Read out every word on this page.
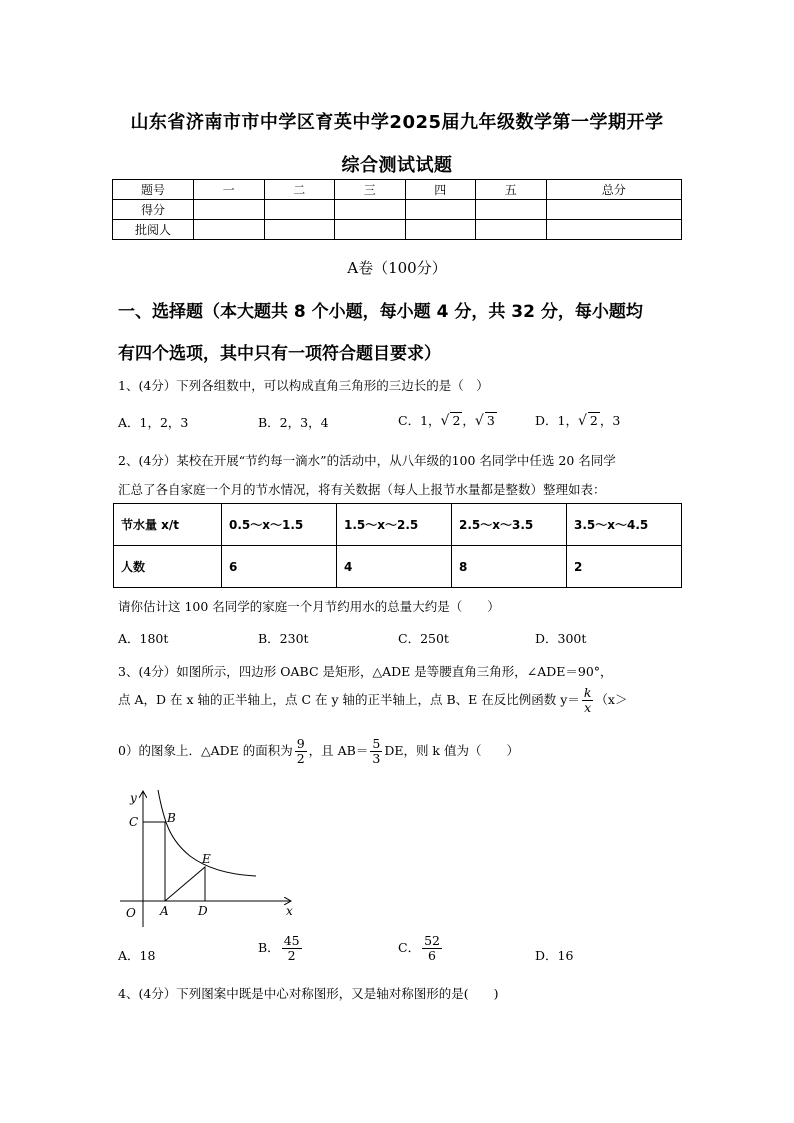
山东省济南市市中学区育英中学2025届九年级数学第一学期开学
综合测试试题
题号	一	二	三	四	五	总分
得分						
批阅人						
A卷（100分）
一、选择题（本大题共 8 个小题，每小题 4 分，共 32 分，每小题均
有四个选项，其中只有一项符合题目要求）
1、(4分）下列各组数中，可以构成直角三角形的三边长的是（　）
A．1，2，3	B．2，3，4	C．1，√ 2 ，√ 3	D．1，√ 2 ，3
2、(4分）某校在开展“节约每一滴水”的活动中，从八年级的100 名同学中任选 20 名同学
汇总了各自家庭一个月的节水情况，将有关数据（每人上报节水量都是整数）整理如表：
节水量 x/t	0.5～x～1.5	1.5～x～2.5	2.5～x～3.5	3.5～x～4.5
人数	6	4	8	2
请你估计这 100 名同学的家庭一个月节约用水的总量大约是（　　）
A．180t	B．230t	C．250t	D．300t
3、(4分）如图所示，四边形 OABC 是矩形，△ADE 是等腰直角三角形，∠ADE＝90°，
点 A，D 在 x 轴的正半轴上，点 C 在 y 轴的正半轴上，点 B、E 在反比例函数 $y= \frac{k}{x} (x>$
0）的图象上．△ADE 的面积为 $\frac{9}{2}$ ，且 $AB= \frac{5}{3}$ DE，则 k 值为（　　）
y
x
O A D
C B
E
A．18
B． $\frac{45}{2}$	C． $\frac{52}{6}$	D．16
4、(4分）下列图案中既是中心对称图形，又是轴对称图形的是(　　)
